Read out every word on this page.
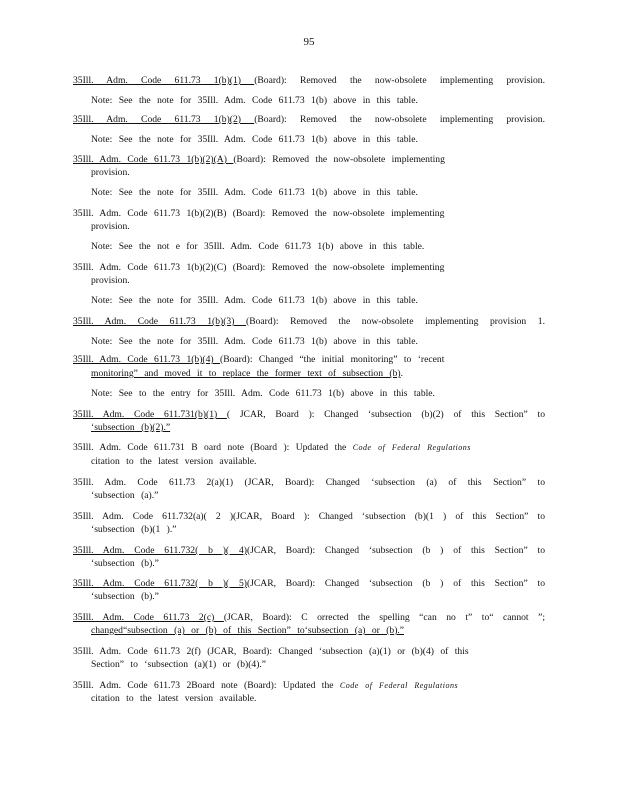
95
35Ill. Adm. Code 611.73 1(b)(1) (Board): Removed the now-obsolete implementing provision.
Note: See the note for 35Ill. Adm. Code 611.73 1(b) above in this table.
35Ill. Adm. Code 611.73 1(b)(2) (Board): Removed the now-obsolete implementing provision.
Note: See the note for 35Ill. Adm. Code 611.73 1(b) above in this table.
35Ill. Adm. Code 611.73 1(b)(2)(A) (Board): Removed the now-obsolete implementing
provision.
Note: See the note for 35Ill. Adm. Code 611.73 1(b) above in this table.
35Ill. Adm. Code 611.73 1(b)(2)(B) (Board): Removed the now-obsolete implementing
provision.
Note: See the not e for 35Ill. Adm. Code 611.73 1(b) above in this table.
35Ill. Adm. Code 611.73 1(b)(2)(C) (Board): Removed the now-obsolete implementing
provision.
Note: See the note for 35Ill. Adm. Code 611.73 1(b) above in this table.
35Ill. Adm. Code 611.73 1(b)(3) (Board): Removed the now-obsolete implementing provision 1.
Note: See the note for 35Ill. Adm. Code 611.73 1(b) above in this table.
35Ill. Adm. Code 611.73 1(b)(4) (Board): Changed “the initial monitoring” to ‘recent
monitoring” and moved it to replace the former text of subsection (b).
Note: See to the entry for 35Ill. Adm. Code 611.73 1(b) above in this table.
35Ill. Adm. Code 611.731(b)(1) ( JCAR, Board ): Changed ‘subsection (b)(2) of this Section” to
‘subsection (b)(2).”
35Ill. Adm. Code 611.731 B oard note (Board ): Updated the Code of Federal Regulations
citation to the latest version available.
35Ill. Adm. Code 611.73 2(a)(1) (JCAR, Board): Changed ‘subsection (a) of this Section” to
‘subsection (a).”
35Ill. Adm. Code 611.732(a)( 2 )(JCAR, Board ): Changed ‘subsection (b)(1 ) of this Section” to
‘subsection (b)(1 ).”
35Ill. Adm. Code 611.732( b )( 4)(JCAR, Board): Changed ‘subsection (b ) of this Section” to
‘subsection (b).”
35Ill. Adm. Code 611.732( b )( 5)(JCAR, Board): Changed ‘subsection (b ) of this Section” to
‘subsection (b).”
35Ill. Adm. Code 611.73 2(c) (JCAR, Board): C orrected the spelling “can no t” to“ cannot ”;
changed“subsection (a) or (b) of this Section” to‘subsection (a) or (b).”
35Ill. Adm. Code 611.73 2(f) (JCAR, Board): Changed ‘subsection (a)(1) or (b)(4) of this
Section” to ‘subsection (a)(1) or (b)(4).”
35Ill. Adm. Code 611.73 2Board note (Board): Updated the Code of Federal Regulations
citation to the latest version available.
